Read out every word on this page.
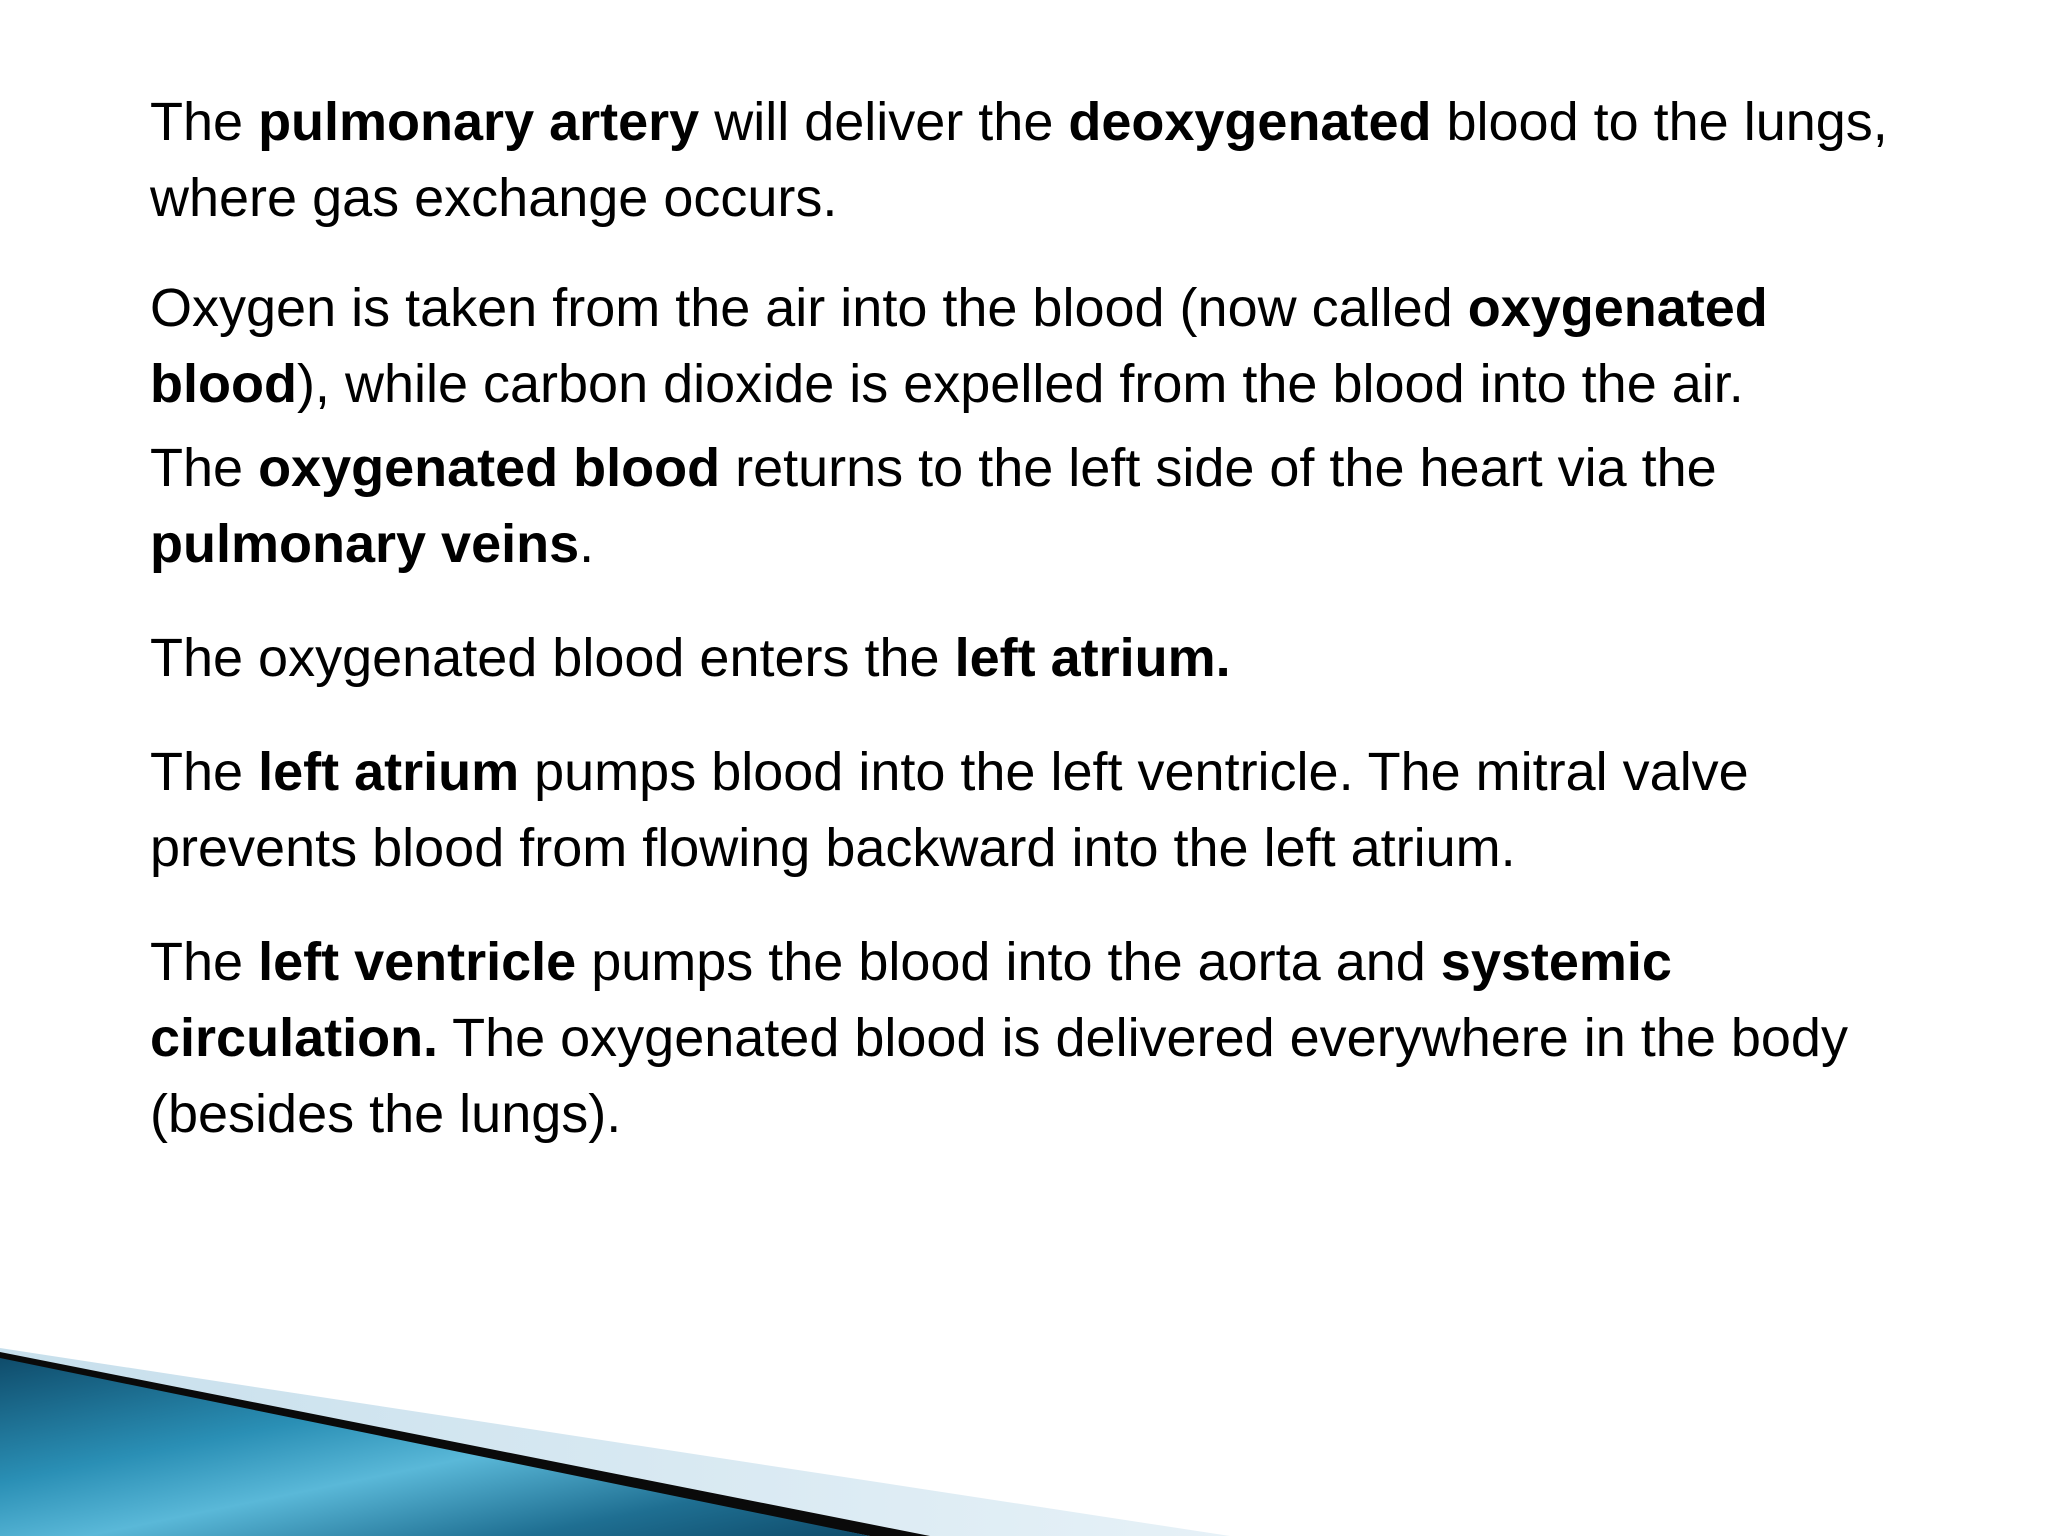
The pulmonary artery will deliver the deoxygenated blood to the lungs, where gas exchange occurs.

Oxygen is taken from the air into the blood (now called oxygenated blood), while carbon dioxide is expelled from the blood into the air.

The oxygenated blood returns to the left side of the heart via the pulmonary veins.

The oxygenated blood enters the left atrium.

The left atrium pumps blood into the left ventricle. The mitral valve prevents blood from flowing backward into the left atrium.

The left ventricle pumps the blood into the aorta and systemic circulation. The oxygenated blood is delivered everywhere in the body (besides the lungs).
